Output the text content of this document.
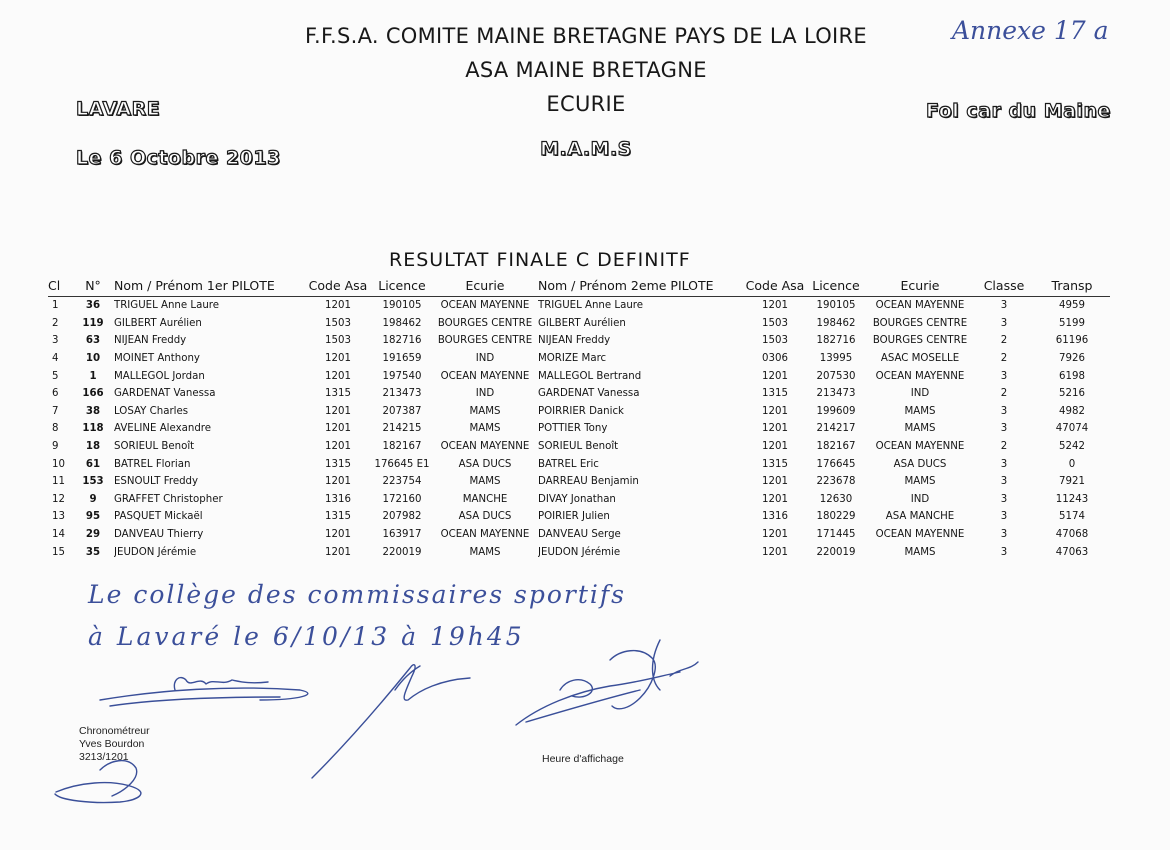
F.F.S.A. COMITE MAINE BRETAGNE PAYS DE LA LOIRE

ASA MAINE BRETAGNE

ECURIE

M.A.M.S

LAVARE

Le 6 Octobre 2013

Fol car du Maine

Annexe 17 a

RESULTAT FINALE C DEFINITF

Cl	N°	Nom / Prénom 1er PILOTE	Code Asa	Licence	Ecurie	Nom / Prénom 2eme PILOTE	Code Asa	Licence	Ecurie	Classe	Transp
1	36	TRIGUEL Anne Laure	1201	190105	OCEAN MAYENNE	TRIGUEL Anne Laure	1201	190105	OCEAN MAYENNE	3	4959
2	119	GILBERT Aurélien	1503	198462	BOURGES CENTRE	GILBERT Aurélien	1503	198462	BOURGES CENTRE	3	5199
3	63	NIJEAN Freddy	1503	182716	BOURGES CENTRE	NIJEAN Freddy	1503	182716	BOURGES CENTRE	2	61196
4	10	MOINET Anthony	1201	191659	IND	MORIZE Marc	0306	13995	ASAC MOSELLE	2	7926
5	1	MALLEGOL Jordan	1201	197540	OCEAN MAYENNE	MALLEGOL Bertrand	1201	207530	OCEAN MAYENNE	3	6198
6	166	GARDENAT Vanessa	1315	213473	IND	GARDENAT Vanessa	1315	213473	IND	2	5216
7	38	LOSAY Charles	1201	207387	MAMS	POIRRIER Danick	1201	199609	MAMS	3	4982
8	118	AVELINE Alexandre	1201	214215	MAMS	POTTIER Tony	1201	214217	MAMS	3	47074
9	18	SORIEUL Benoît	1201	182167	OCEAN MAYENNE	SORIEUL Benoît	1201	182167	OCEAN MAYENNE	2	5242
10	61	BATREL Florian	1315	176645 E1	ASA DUCS	BATREL Eric	1315	176645	ASA DUCS	3	0
11	153	ESNOULT Freddy	1201	223754	MAMS	DARREAU Benjamin	1201	223678	MAMS	3	7921
12	9	GRAFFET Christopher	1316	172160	MANCHE	DIVAY Jonathan	1201	12630	IND	3	11243
13	95	PASQUET Mickaël	1315	207982	ASA DUCS	POIRIER Julien	1316	180229	ASA MANCHE	3	5174
14	29	DANVEAU Thierry	1201	163917	OCEAN MAYENNE	DANVEAU Serge	1201	171445	OCEAN MAYENNE	3	47068
15	35	JEUDON Jérémie	1201	220019	MAMS	JEUDON Jérémie	1201	220019	MAMS	3	47063

Le collège des commissaires sportifs

à Lavaré le 6/10/13 à 19h45

Chronométreur

Yves Bourdon

3213/1201	Heure d'affichage
